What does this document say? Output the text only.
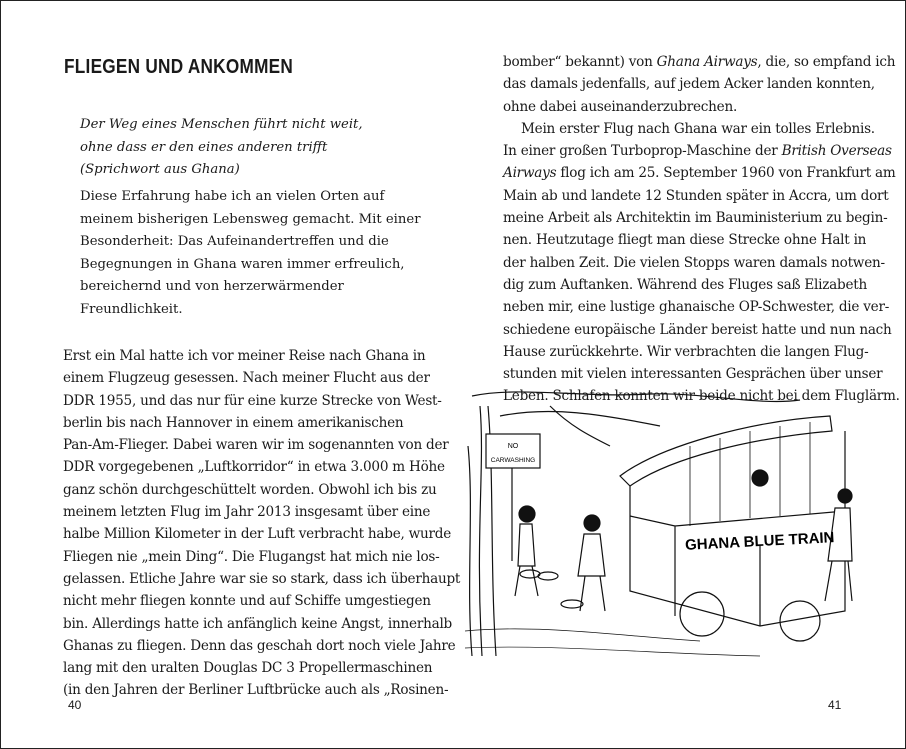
FLIEGEN UND ANKOMMEN
Der Weg eines Menschen führt nicht weit,
ohne dass er den eines anderen trifft
(Sprichwort aus Ghana)
Diese Erfahrung habe ich an vielen Orten auf
meinem bisherigen Lebensweg gemacht. Mit einer
Besonderheit: Das Aufeinandertreffen und die
Begegnungen in Ghana waren immer erfreulich,
bereichernd und von herzerwärmender
Freundlichkeit.
Erst ein Mal hatte ich vor meiner Reise nach Ghana in
einem Flugzeug gesessen. Nach meiner Flucht aus der
DDR 1955, und das nur für eine kurze Strecke von West-
berlin bis nach Hannover in einem amerikanischen
Pan-Am-Flieger. Dabei waren wir im sogenannten von der
DDR vorgegebenen „Luftkorridor“ in etwa 3.000 m Höhe
ganz schön durchgeschüttelt worden. Obwohl ich bis zu
meinem letzten Flug im Jahr 2013 insgesamt über eine
halbe Million Kilometer in der Luft verbracht habe, wurde
Fliegen nie „mein Ding“. Die Flugangst hat mich nie los-
gelassen. Etliche Jahre war sie so stark, dass ich überhaupt
nicht mehr fliegen konnte und auf Schiffe umgestiegen
bin. Allerdings hatte ich anfänglich keine Angst, innerhalb
Ghanas zu fliegen. Denn das geschah dort noch viele Jahre
lang mit den uralten Douglas DC 3 Propellermaschinen
(in den Jahren der Berliner Luftbrücke auch als „Rosinen-
bomber“ bekannt) von Ghana Airways, die, so empfand ich
das damals jedenfalls, auf jedem Acker landen konnten,
ohne dabei auseinanderzubrechen.
Mein erster Flug nach Ghana war ein tolles Erlebnis.
In einer großen Turboprop-Maschine der British Overseas
Airways flog ich am 25. September 1960 von Frankfurt am
Main ab und landete 12 Stunden später in Accra, um dort
meine Arbeit als Architektin im Bauministerium zu begin-
nen. Heutzutage fliegt man diese Strecke ohne Halt in
der halben Zeit. Die vielen Stopps waren damals notwen-
dig zum Auftanken. Während des Fluges saß Elizabeth
neben mir, eine lustige ghanaische OP-Schwester, die ver-
schiedene europäische Länder bereist hatte und nun nach
Hause zurückkehrte. Wir verbrachten die langen Flug-
stunden mit vielen interessanten Gesprächen über unser
Leben. Schlafen konnten wir beide nicht bei dem Fluglärm.
NO
CARWASHING
GHANA BLUE TRAIN
40	41
